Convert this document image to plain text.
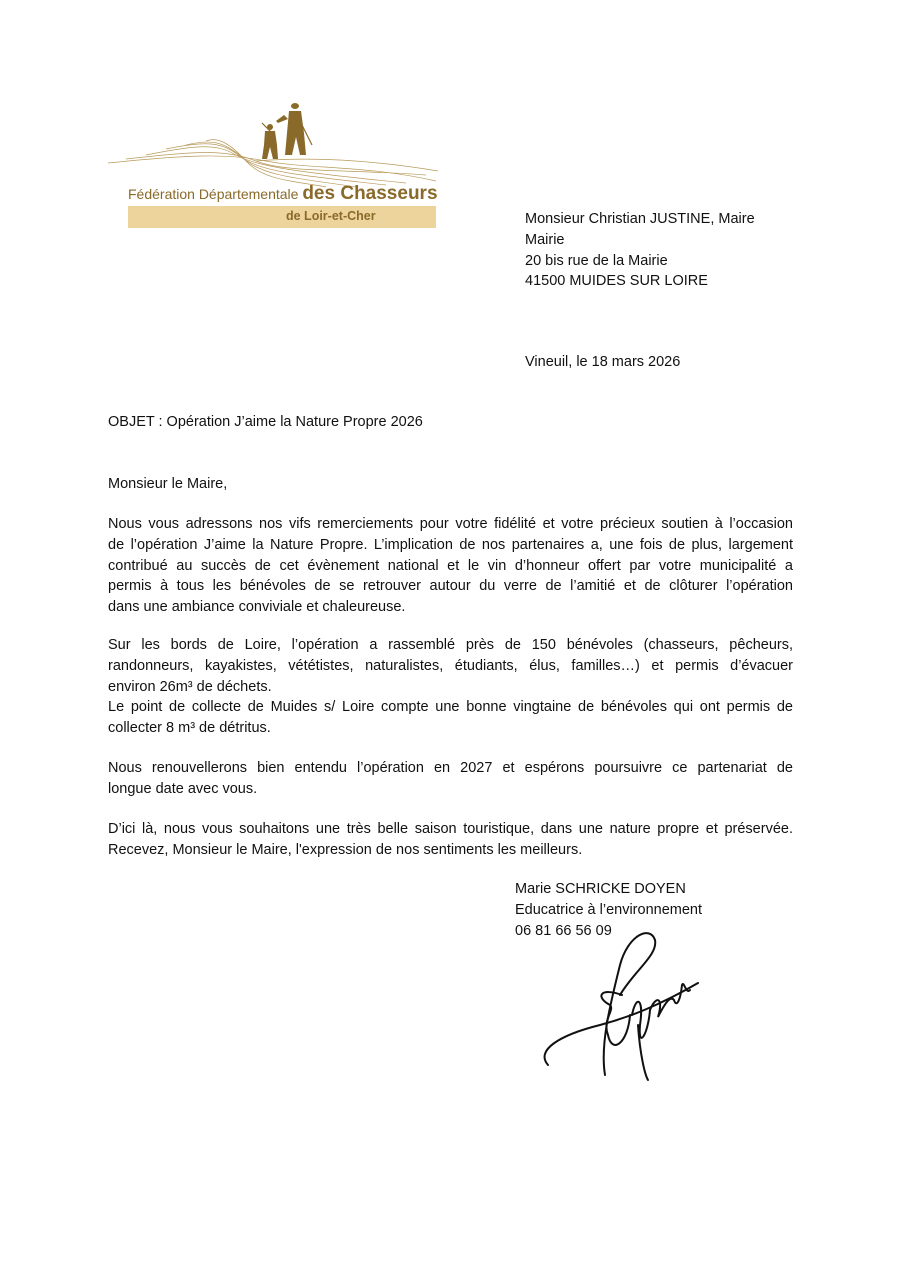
Fédération Départementale des Chasseurs
de Loir-et-Cher	Monsieur Christian JUSTINE, Maire
Mairie
20 bis rue de la Mairie
41500 MUIDES SUR LOIRE
Vineuil, le 18 mars 2026
OBJET : Opération J’aime la Nature Propre 2026
Monsieur le Maire,
Nous vous adressons nos vifs remerciements pour votre fidélité et votre précieux soutien à l’occasion
de l’opération J’aime la Nature Propre. L’implication de nos partenaires a, une fois de plus, largement
contribué au succès de cet évènement national et le vin d’honneur offert par votre municipalité a
permis à tous les bénévoles de se retrouver autour du verre de l’amitié et de clôturer l’opération
dans une ambiance conviviale et chaleureuse.
Sur les bords de Loire, l’opération a rassemblé près de 150 bénévoles (chasseurs, pêcheurs,
randonneurs, kayakistes, vététistes, naturalistes, étudiants, élus, familles…) et permis d’évacuer
environ 26m³ de déchets.
Le point de collecte de Muides s/ Loire compte une bonne vingtaine de bénévoles qui ont permis de
collecter 8 m³ de détritus.
Nous renouvellerons bien entendu l’opération en 2027 et espérons poursuivre ce partenariat de
longue date avec vous.
D’ici là, nous vous souhaitons une très belle saison touristique, dans une nature propre et préservée.
Recevez, Monsieur le Maire, l'expression de nos sentiments les meilleurs.
Marie SCHRICKE DOYEN
Educatrice à l’environnement
06 81 66 56 09
